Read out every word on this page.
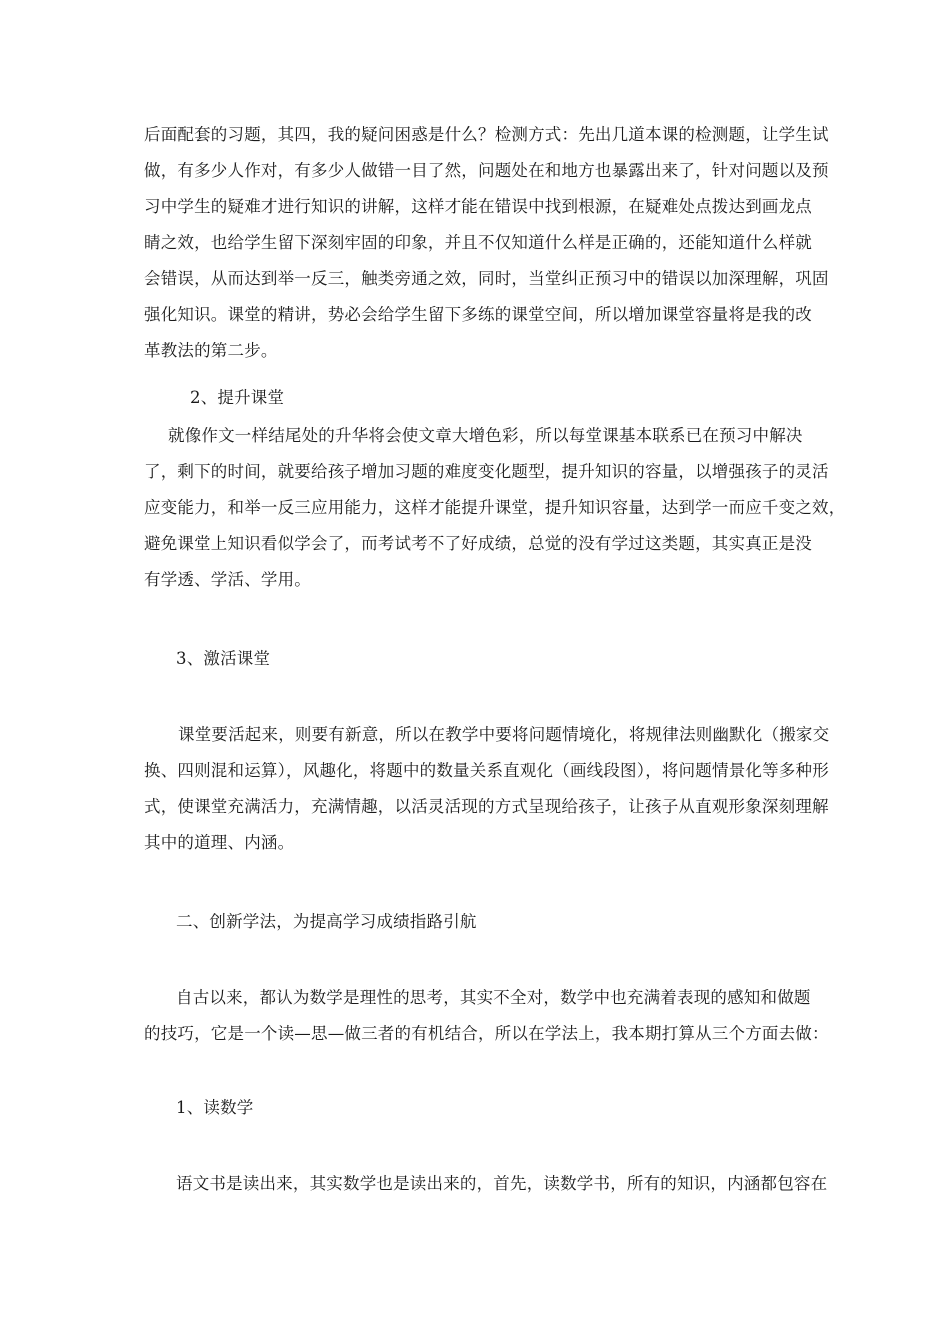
后面配套的习题，其四，我的疑问困惑是什么？检测方式：先出几道本课的检测题，让学生试
做，有多少人作对，有多少人做错一目了然，问题处在和地方也暴露出来了，针对问题以及预
习中学生的疑难才进行知识的讲解，这样才能在错误中找到根源，在疑难处点拨达到画龙点
睛之效，也给学生留下深刻牢固的印象，并且不仅知道什么样是正确的，还能知道什么样就
会错误，从而达到举一反三，触类旁通之效，同时，当堂纠正预习中的错误以加深理解，巩固
强化知识。课堂的精讲，势必会给学生留下多练的课堂空间，所以增加课堂容量将是我的改
革教法的第二步。
2、提升课堂
就像作文一样结尾处的升华将会使文章大增色彩，所以每堂课基本联系已在预习中解决
了，剩下的时间，就要给孩子增加习题的难度变化题型，提升知识的容量，以增强孩子的灵活
应变能力，和举一反三应用能力，这样才能提升课堂，提升知识容量，达到学一而应千变之效，
避免课堂上知识看似学会了，而考试考不了好成绩，总觉的没有学过这类题，其实真正是没
有学透、学活、学用。
3、激活课堂
课堂要活起来，则要有新意，所以在教学中要将问题情境化，将规律法则幽默化（搬家交
换、四则混和运算），风趣化，将题中的数量关系直观化（画线段图），将问题情景化等多种形
式，使课堂充满活力，充满情趣，以活灵活现的方式呈现给孩子，让孩子从直观形象深刻理解
其中的道理、内涵。
二、创新学法，为提高学习成绩指路引航
自古以来，都认为数学是理性的思考，其实不全对，数学中也充满着表现的感知和做题
的技巧，它是一个读—思—做三者的有机结合，所以在学法上，我本期打算从三个方面去做：
1、读数学
语文书是读出来，其实数学也是读出来的，首先，读数学书，所有的知识，内涵都包容在
